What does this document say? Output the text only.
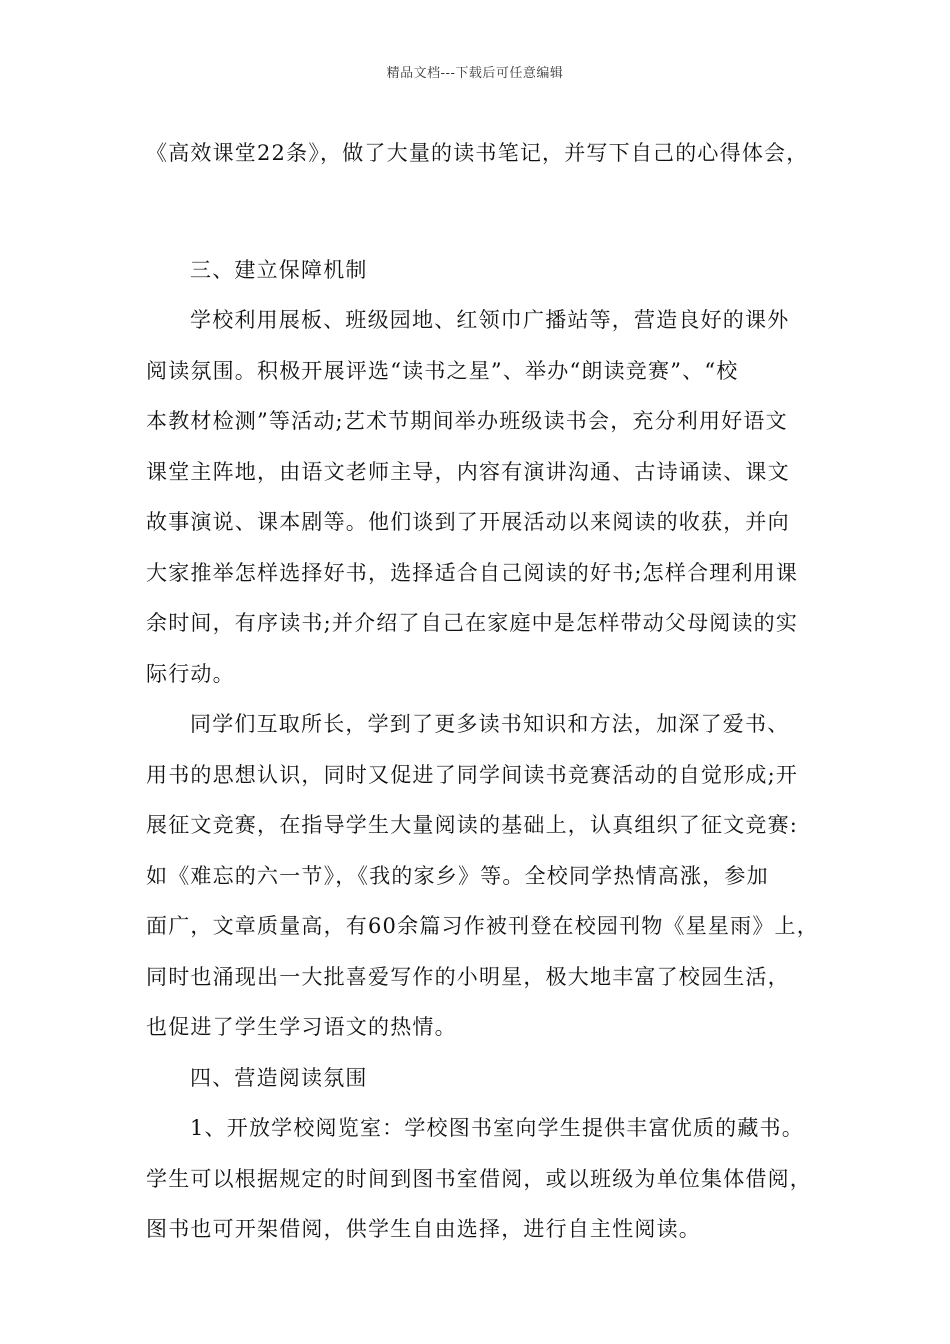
精品文档---下载后可任意编辑

《高效课堂22条》，做了大量的读书笔记，并写下自己的心得体会，

三、建立保障机制

学校利用展板、班级园地、红领巾广播站等，营造良好的课外

阅读氛围。积极开展评选“读书之星”、举办“朗读竞赛”、“校

本教材检测”等活动;艺术节期间举办班级读书会，充分利用好语文

课堂主阵地，由语文老师主导，内容有演讲沟通、古诗诵读、课文

故事演说、课本剧等。他们谈到了开展活动以来阅读的收获，并向

大家推举怎样选择好书，选择适合自己阅读的好书;怎样合理利用课

余时间，有序读书;并介绍了自己在家庭中是怎样带动父母阅读的实

际行动。

同学们互取所长，学到了更多读书知识和方法，加深了爱书、

用书的思想认识，同时又促进了同学间读书竞赛活动的自觉形成;开

展征文竞赛，在指导学生大量阅读的基础上，认真组织了征文竞赛:

如《难忘的六一节》，《我的家乡》等。全校同学热情高涨，参加

面广，文章质量高，有60余篇习作被刊登在校园刊物《星星雨》上，

同时也涌现出一大批喜爱写作的小明星，极大地丰富了校园生活，

也促进了学生学习语文的热情。

四、营造阅读氛围

1、开放学校阅览室：学校图书室向学生提供丰富优质的藏书。

学生可以根据规定的时间到图书室借阅，或以班级为单位集体借阅，

图书也可开架借阅，供学生自由选择，进行自主性阅读。
